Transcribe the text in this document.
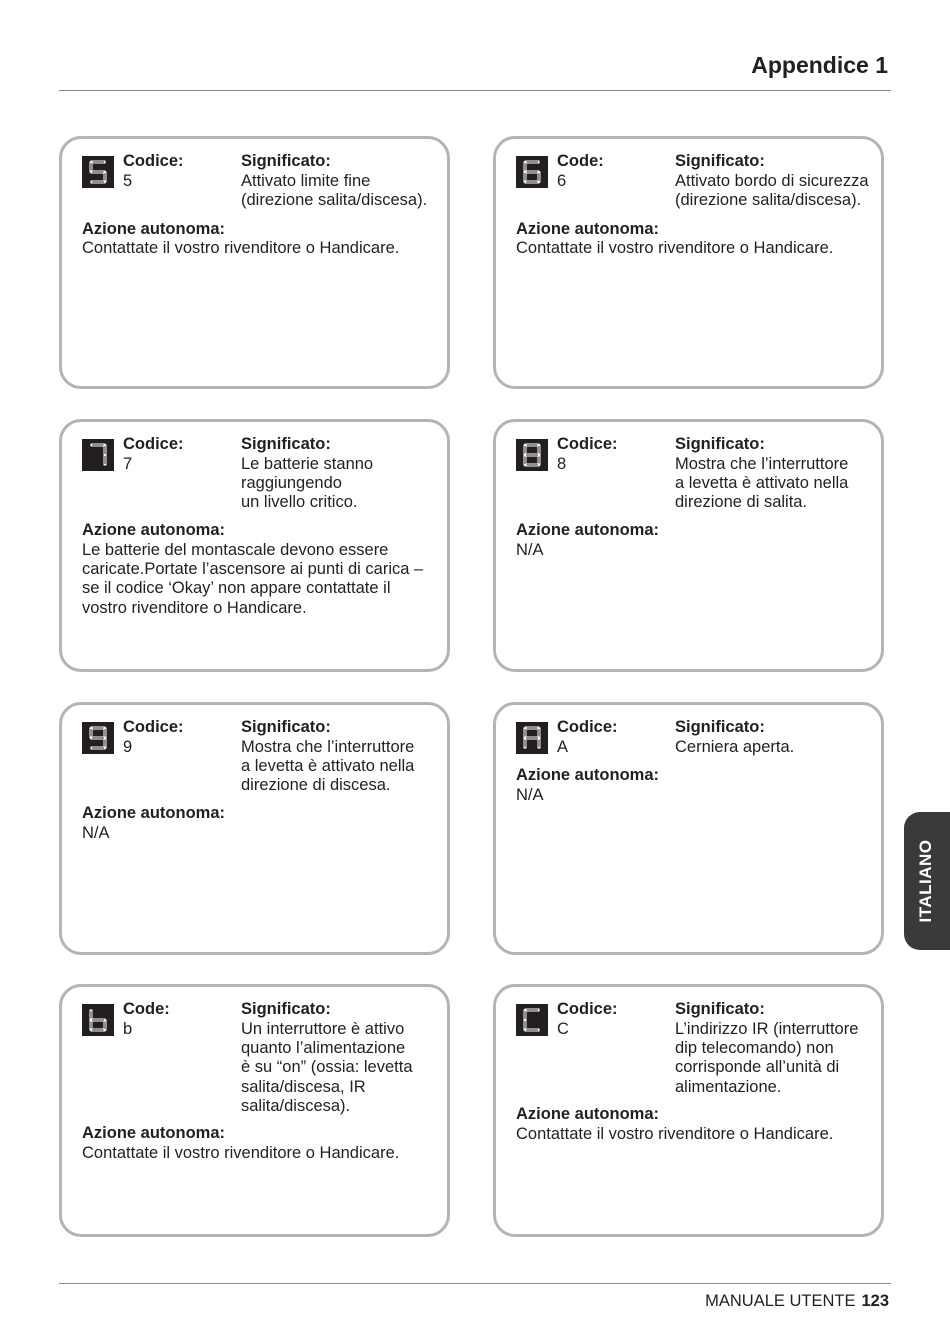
Appendice 1
Codice:
5
Significato:
Attivato limite fine
(direzione salita/discesa).
Azione autonoma:
Contattate il vostro rivenditore o Handicare.
Code:
6
Significato:
Attivato bordo di sicurezza
(direzione salita/discesa).
Azione autonoma:
Contattate il vostro rivenditore o Handicare.
Codice:
7
Significato:
Le batterie stanno
raggiungendo
un livello critico.
Azione autonoma:
Le batterie del montascale devono essere
caricate.Portate l’ascensore ai punti di carica –
se il codice ‘Okay’ non appare contattate il
vostro rivenditore o Handicare.
Codice:
8
Significato:
Mostra che l’interruttore
a levetta è attivato nella
direzione di salita.
Azione autonoma:
N/A
Codice:
9
Significato:
Mostra che l’interruttore
a levetta è attivato nella
direzione di discesa.
Azione autonoma:
N/A
Codice:
A
Significato:
Cerniera aperta.
Azione autonoma:
N/A
Code:
b
Significato:
Un interruttore è attivo
quanto l’alimentazione
è su “on” (ossia: levetta
salita/discesa, IR
salita/discesa).
Azione autonoma:
Contattate il vostro rivenditore o Handicare.
Codice:
C
Significato:
L’indirizzo IR (interruttore
dip telecomando) non
corrisponde all’unità di
alimentazione.
Azione autonoma:
Contattate il vostro rivenditore o Handicare.
ITALIANO
MANUALE UTENTE 123
